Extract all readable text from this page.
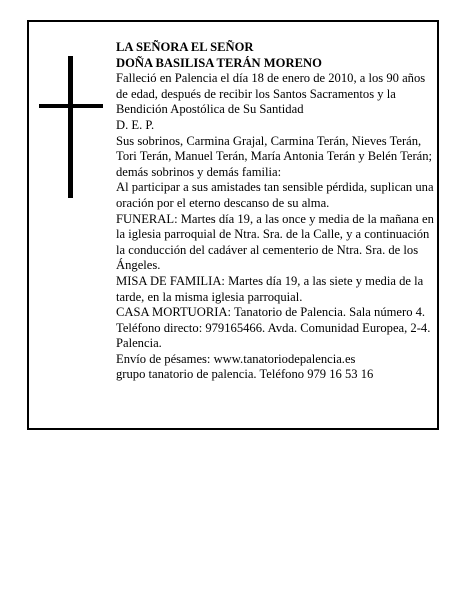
LA SEÑORA EL SEÑOR

DOÑA BASILISA TERÁN MORENO

Falleció en Palencia el día 18 de enero de 2010, a los 90 años de edad, después de recibir los Santos Sacramentos y la Bendición Apostólica de Su Santidad

D. E. P.

Sus sobrinos, Carmina Grajal, Carmina Terán, Nieves Terán, Tori Terán, Manuel Terán, María Antonia Terán y Belén Terán; demás sobrinos y demás familia:

Al participar a sus amistades tan sensible pérdida, suplican una oración por el eterno descanso de su alma.

FUNERAL: Martes día 19, a las once y media de la mañana en la iglesia parroquial de Ntra. Sra. de la Calle, y a continuación la conducción del cadáver al cementerio de Ntra. Sra. de los Ángeles.

MISA DE FAMILIA: Martes día 19, a las siete y media de la tarde, en la misma iglesia parroquial.

CASA MORTUORIA: Tanatorio de Palencia. Sala número 4. Teléfono directo: 979165466. Avda. Comunidad Europea, 2-4. Palencia.

Envío de pésames: www.tanatoriodepalencia.es

grupo tanatorio de palencia. Teléfono 979 16 53 16
